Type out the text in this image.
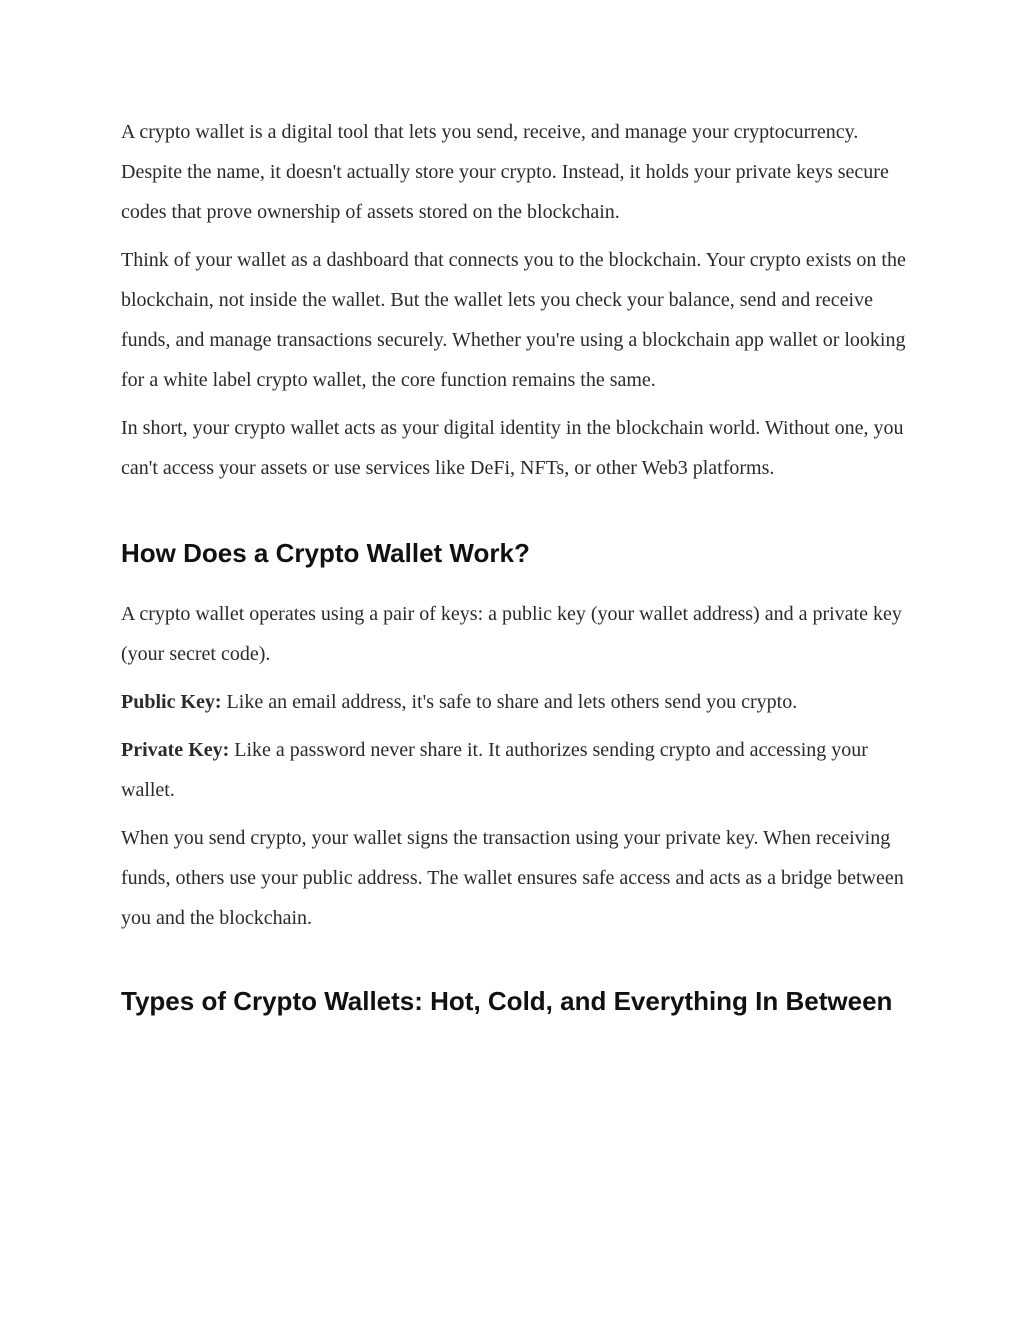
A crypto wallet is a digital tool that lets you send, receive, and manage your cryptocurrency. Despite the name, it doesn't actually store your crypto. Instead, it holds your private keys secure codes that prove ownership of assets stored on the blockchain.

Think of your wallet as a dashboard that connects you to the blockchain. Your crypto exists on the blockchain, not inside the wallet. But the wallet lets you check your balance, send and receive funds, and manage transactions securely. Whether you're using a blockchain app wallet or looking for a white label crypto wallet, the core function remains the same.

In short, your crypto wallet acts as your digital identity in the blockchain world. Without one, you can't access your assets or use services like DeFi, NFTs, or other Web3 platforms.

How Does a Crypto Wallet Work?

A crypto wallet operates using a pair of keys: a public key (your wallet address) and a private key (your secret code).

Public Key: Like an email address, it's safe to share and lets others send you crypto.

Private Key: Like a password never share it. It authorizes sending crypto and accessing your wallet.

When you send crypto, your wallet signs the transaction using your private key. When receiving funds, others use your public address. The wallet ensures safe access and acts as a bridge between you and the blockchain.

Types of Crypto Wallets: Hot, Cold, and Everything In Between
